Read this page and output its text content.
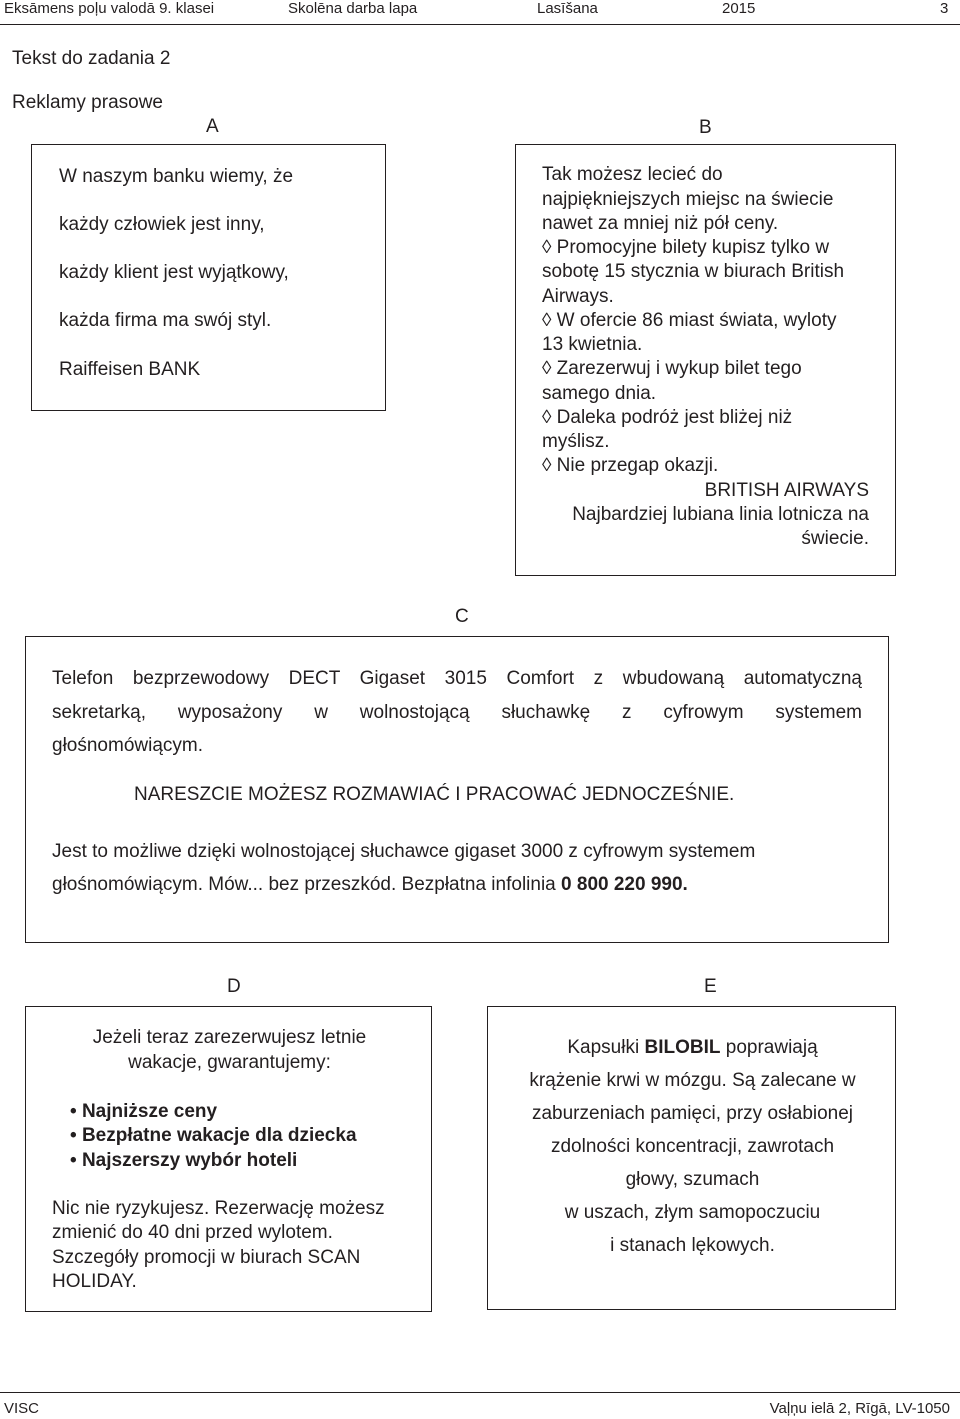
Eksāmens poļu valodā 9. klasei	Skolēna darba lapa	Lasīšana	2015	3
Tekst do zadania 2
Reklamy prasowe
A
W naszym banku wiemy, że
każdy człowiek jest inny,
każdy klient jest wyjątkowy,
każda firma ma swój styl.
Raiffeisen BANK
B
Tak możesz lecieć do
najpiękniejszych miejsc na świecie
nawet za mniej niż pół ceny.
◊ Promocyjne bilety kupisz tylko w
sobotę 15 stycznia w biurach British
Airways.
◊ W ofercie 86 miast świata, wyloty
13 kwietnia.
◊ Zarezerwuj i wykup bilet tego
samego dnia.
◊ Daleka podróż jest bliżej niż
myślisz.
◊ Nie przegap okazji.
BRITISH AIRWAYS
Najbardziej lubiana linia lotnicza na
świecie.
C
Telefon bezprzewodowy DECT Gigaset 3015 Comfort z wbudowaną automatyczną
sekretarką, wyposażony w wolnostojącą słuchawkę z cyfrowym systemem
głośnomówiącym.
NARESZCIE MOŻESZ ROZMAWIAĆ I PRACOWAĆ JEDNOCZEŚNIE.
Jest to możliwe dzięki wolnostojącej słuchawce gigaset 3000 z cyfrowym systemem
głośnomówiącym. Mów... bez przeszkód. Bezpłatna infolinia 0 800 220 990.
D
Jeżeli teraz zarezerwujesz letnie
wakacje, gwarantujemy:
• Najniższe ceny
• Bezpłatne wakacje dla dziecka
• Najszerszy wybór hoteli
Nic nie ryzykujesz. Rezerwację możesz
zmienić do 40 dni przed wylotem.
Szczegóły promocji w biurach SCAN
HOLIDAY.
E
Kapsułki BILOBIL poprawiają
krążenie krwi w mózgu. Są zalecane w
zaburzeniach pamięci, przy osłabionej
zdolności koncentracji, zawrotach
głowy, szumach
w uszach, złym samopoczuciu
i stanach lękowych.
VISC	Vaļņu ielā 2, Rīgā, LV-1050
